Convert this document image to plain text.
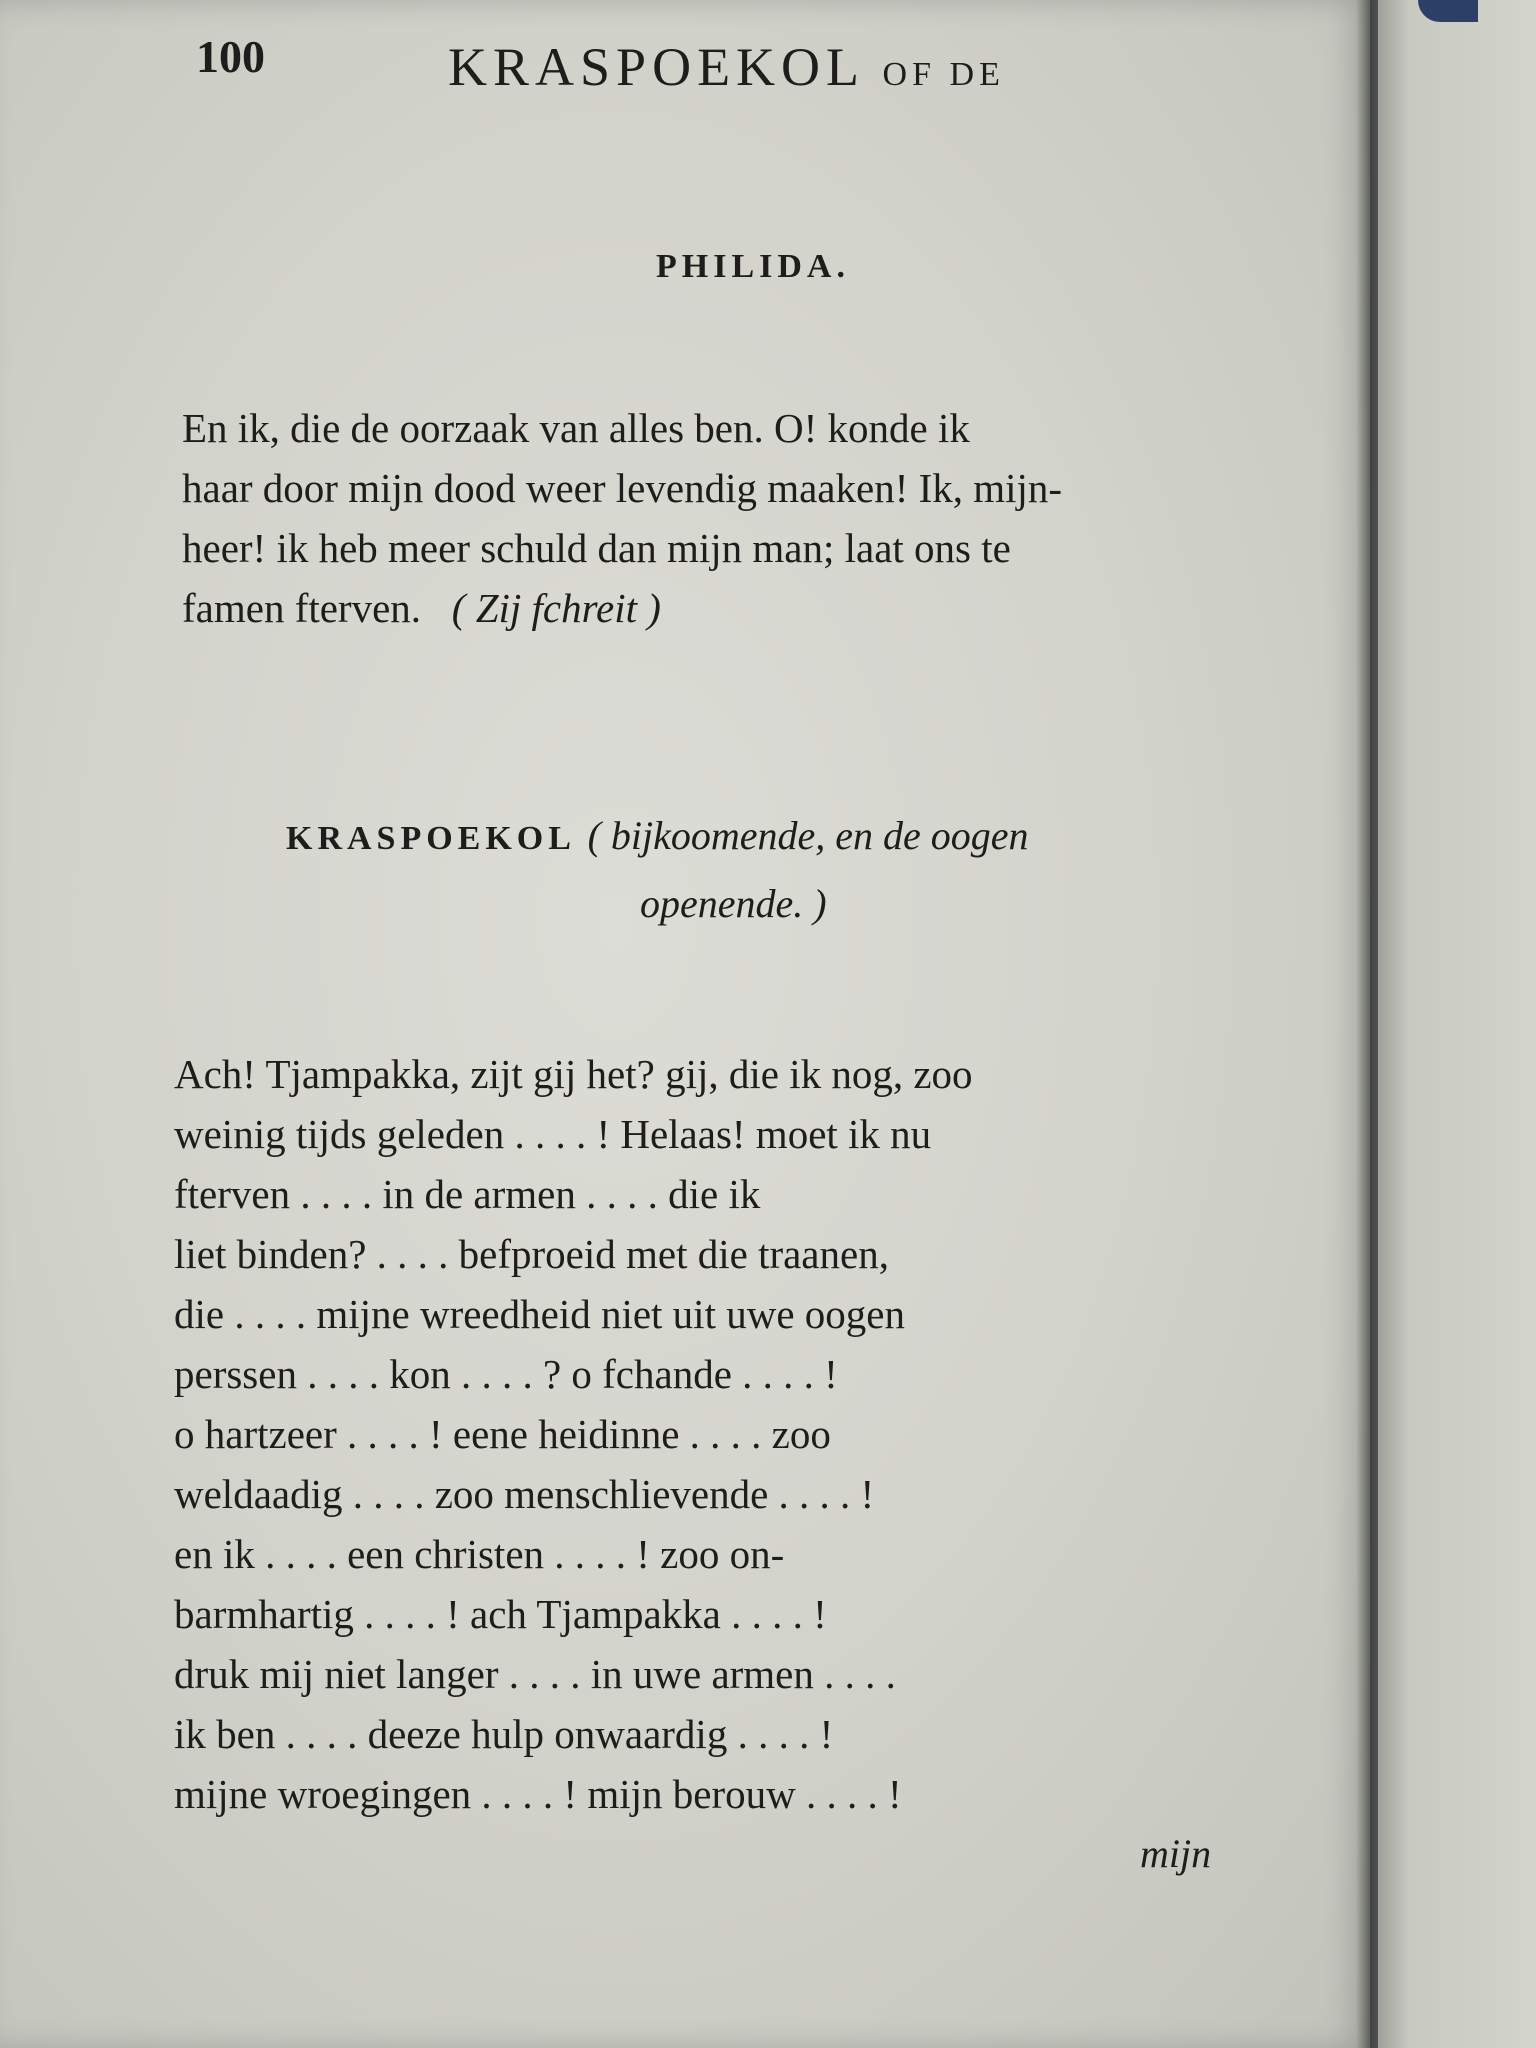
100	KRASPOEKOL OF DE
PHILIDA.
En ik, die de oorzaak van alles ben. O! konde ik
haar door mijn dood weer levendig maaken! Ik, mijn-
heer! ik heb meer schuld dan mijn man; laat ons te
famen fterven. ( Zij fchreit )
KRASPOEKOL ( bijkoomende, en de oogen
openende. )
Ach! Tjampakka, zijt gij het? gij, die ik nog, zoo
weinig tijds geleden . . . . ! Helaas! moet ik nu
fterven . . . . in de armen . . . . die ik
liet binden? . . . . befproeid met die traanen,
die . . . . mijne wreedheid niet uit uwe oogen
perssen . . . . kon . . . . ? o fchande . . . . !
o hartzeer . . . . ! eene heidinne . . . . zoo
weldaadig . . . . zoo menschlievende . . . . !
en ik . . . . een christen . . . . ! zoo on-
barmhartig . . . . ! ach Tjampakka . . . . !
druk mij niet langer . . . . in uwe armen . . . .
ik ben . . . . deeze hulp onwaardig . . . . !
mijne wroegingen . . . . ! mijn berouw . . . . !
mijn
